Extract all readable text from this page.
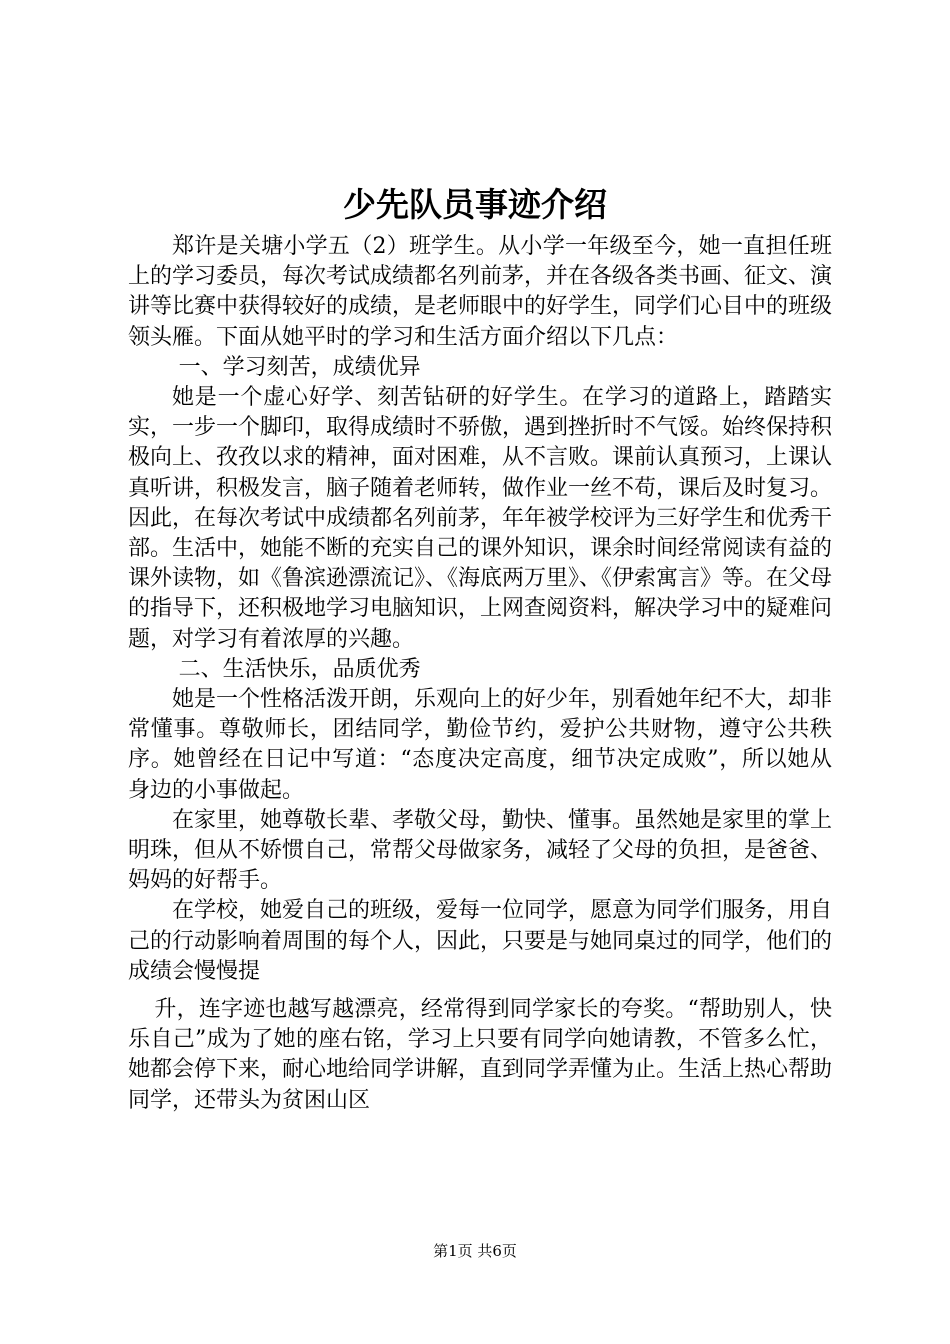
少先队员事迹介绍

郑许是关塘小学五（2）班学生。从小学一年级至今，她一直担任班上的学习委员，每次考试成绩都名列前茅，并在各级各类书画、征文、演讲等比赛中获得较好的成绩，是老师眼中的好学生，同学们心目中的班级领头雁。下面从她平时的学习和生活方面介绍以下几点：

一、学习刻苦，成绩优异

她是一个虚心好学、刻苦钻研的好学生。在学习的道路上，踏踏实实，一步一个脚印，取得成绩时不骄傲，遇到挫折时不气馁。始终保持积极向上、孜孜以求的精神，面对困难，从不言败。课前认真预习，上课认真听讲，积极发言，脑子随着老师转，做作业一丝不苟，课后及时复习。因此，在每次考试中成绩都名列前茅，年年被学校评为三好学生和优秀干部。生活中，她能不断的充实自己的课外知识，课余时间经常阅读有益的课外读物，如《鲁滨逊漂流记》、《海底两万里》、《伊索寓言》等。在父母的指导下，还积极地学习电脑知识，上网查阅资料，解决学习中的疑难问题，对学习有着浓厚的兴趣。

二、生活快乐，品质优秀

她是一个性格活泼开朗，乐观向上的好少年，别看她年纪不大，却非常懂事。尊敬师长，团结同学，勤俭节约，爱护公共财物，遵守公共秩序。她曾经在日记中写道：“态度决定高度，细节决定成败”，所以她从身边的小事做起。

在家里，她尊敬长辈、孝敬父母，勤快、懂事。虽然她是家里的掌上明珠，但从不娇惯自己，常帮父母做家务，减轻了父母的负担，是爸爸、妈妈的好帮手。

在学校，她爱自己的班级，爱每一位同学，愿意为同学们服务，用自己的行动影响着周围的每个人，因此，只要是与她同桌过的同学，他们的成绩会慢慢提

升，连字迹也越写越漂亮，经常得到同学家长的夸奖。“帮助别人，快乐自己”成为了她的座右铭，学习上只要有同学向她请教，不管多么忙，她都会停下来，耐心地给同学讲解，直到同学弄懂为止。生活上热心帮助同学，还带头为贫困山区

第1页 共6页
